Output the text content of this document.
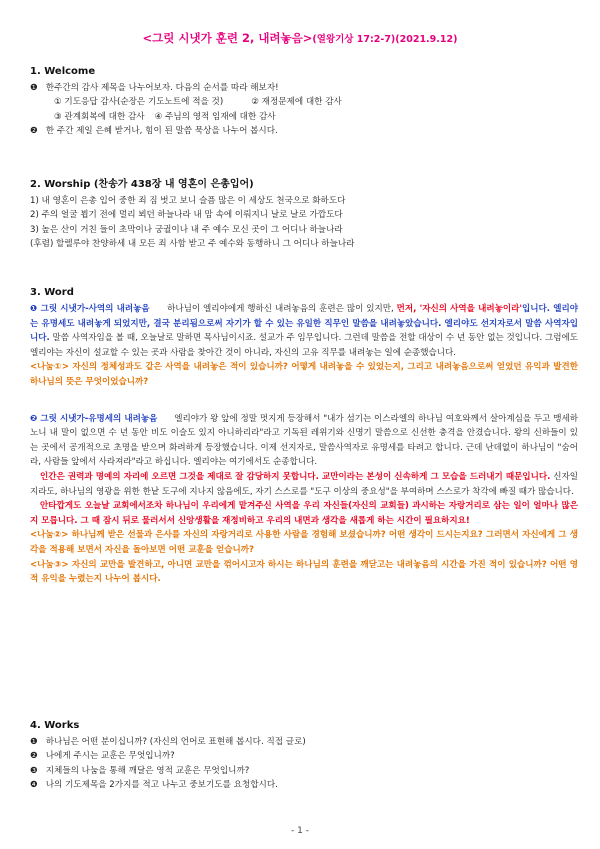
<그릿 시냇가 훈련 2, 내려놓음>(열왕기상 17:2-7)(2021.9.12)
1. Welcome
❶ 한주간의 감사 제목을 나누어보자. 다음의 순서를 따라 해보자!
① 기도응답 감사(순장은 기도노트에 적을 것)	② 재정문제에 대한 감사
③ 관계회복에 대한 감사 ④ 주님의 영적 임재에 대한 감사
❷ 한 주간 제일 은혜 받거나, 힘이 된 말씀 묵상을 나누어 봅시다.
2. Worship (찬송가 438장 내 영혼이 은총입어)
1) 내 영혼이 은총 입어 중한 죄 짐 벗고 보니 슬픔 많은 이 세상도 천국으로 화하도다
2) 주의 얼굴 뵙기 전에 멀리 뵈던 하늘나라 내 맘 속에 이뤄지니 날로 날로 가깝도다
3) 높은 산이 거친 들이 초막이나 궁궐이나 내 주 예수 모신 곳이 그 어디나 하늘나라
(후렴) 할렐루야 찬양하세 내 모든 죄 사함 받고 주 예수와 동행하니 그 어디나 하늘나라
3. Word
❶ 그릿 시냇가-사역의 내려놓음 하나님이 엘리야에게 행하신 내려놓음의 훈련은 많이 있지만, 먼저, '자신의 사역을 내려놓이라'입니다. 엘리야는 유명세도 내려놓게 되었지만, 결국 분리됨으로써 자기가 할 수 있는 유일한 직무인 말씀을 내려놓았습니다. 엘리야도 선지자로서 말씀 사역자입니다. 말씀 사역자임을 볼 때, 오늘날로 말하면 목사님이시죠. 설교가 주 임무입니다. 그런데 말씀을 전할 대상이 수 년 동안 없는 것입니다. 그럼에도 엘리야는 자신이 설교할 수 있는 곳과 사람을 찾아간 것이 아니라, 자신의 고유 직무를 내려놓는 일에 순종했습니다.
<나눔①> 자신의 정체성과도 같은 사역을 내려놓은 적이 있습니까? 어떻게 내려놓을 수 있었는지, 그리고 내려놓음으로써 얻었던 유익과 발견한 하나님의 뜻은 무엇이었습니까?
❷ 그릿 시냇가-유명세의 내려놓음 엘리야가 왕 앞에 정말 멋지게 등장해서 "내가 섬기는 이스라엘의 하나님 여호와께서 살아계심을 두고 맹세하노니 내 말이 없으면 수 년 동안 비도 이슬도 있지 아니하리라"라고 기독된 레위기와 신명기 말씀으로 신선한 충격을 안겼습니다. 왕의 신하들이 있는 곳에서 공개적으로 초명을 받으며 화려하게 등장했습니다. 이제 선지자로, 말씀사역자로 유명세를 타려고 합니다. 근데 난데없이 하나님이 "숨어라, 사람들 앞에서 사라져라"라고 하십니다. 엘리야는 여기에서도 순종합니다.
인간은 권력과 명예의 자리에 오르면 그것을 제대로 잘 감당하지 못합니다. 교만이라는 본성이 신속하게 그 모습을 드러내기 때문입니다. 신자일지라도, 하나님의 영광을 위한 한낱 도구에 지나지 않음에도, 자기 스스로를 "도구 이상의 중요성"을 부여하며 스스로가 착각에 빠질 때가 많습니다.
안타깝게도 오늘날 교회에서조차 하나님이 우리에게 맡겨주신 사역을 우리 자신들(자신의 교회들) 과시하는 자랑거리로 삼는 일이 얼마나 많은지 모릅니다. 그 때 잠시 뒤로 물러서서 신앙생활을 재정비하고 우리의 내면과 생각을 새롭게 하는 시간이 필요하지요!
<나눔②> 하나님께 받은 선물과 은사를 자신의 자랑거리로 사용한 사람을 경험해 보셨습니까? 어떤 생각이 드시는지요? 그러면서 자신에게 그 생각을 적용해 보면서 자신을 돌아보면 어떤 교훈을 얻습니까?
<나눔③> 자신의 교만을 발견하고, 아니면 교만을 꺾어시고자 하시는 하나님의 훈련을 깨닫고는 내려놓음의 시간을 가진 적이 있습니까? 어떤 영적 유익을 누렸는지 나누어 봅시다.
4. Works
❶ 하나님은 어떤 분이십니까? (자신의 언어로 표현해 봅시다. 직접 글로)
❷ 나에게 주시는 교훈은 무엇입니까?
❸ 지체들의 나눔을 통해 깨달은 영적 교훈은 무엇입니까?
❹ 나의 기도제목을 2가지를 적고 나누고 중보기도를 요청합시다.
- 1 -
